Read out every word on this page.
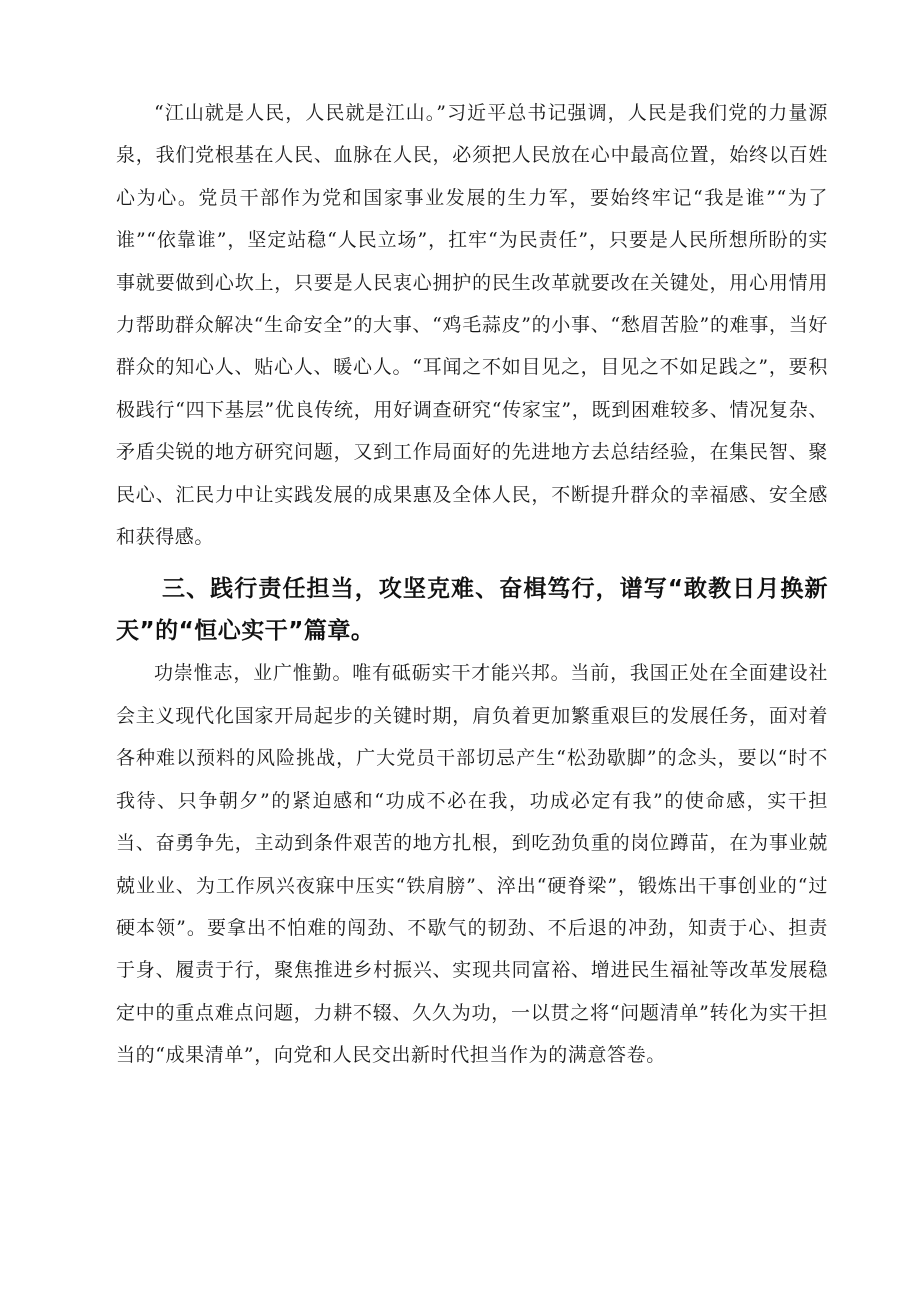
“江山就是人民，人民就是江山。”习近平总书记强调，人民是我们党的力量源泉，我们党根基在人民、血脉在人民，必须把人民放在心中最高位置，始终以百姓心为心。党员干部作为党和国家事业发展的生力军，要始终牢记“我是谁”“为了谁”“依靠谁”，坚定站稳“人民立场”，扛牢“为民责任”，只要是人民所想所盼的实事就要做到心坎上，只要是人民衷心拥护的民生改革就要改在关键处，用心用情用力帮助群众解决“生命安全”的大事、“鸡毛蒜皮”的小事、“愁眉苦脸”的难事，当好群众的知心人、贴心人、暖心人。“耳闻之不如目见之，目见之不如足践之”，要积极践行“四下基层”优良传统，用好调查研究“传家宝”，既到困难较多、情况复杂、矛盾尖锐的地方研究问题，又到工作局面好的先进地方去总结经验，在集民智、聚民心、汇民力中让实践发展的成果惠及全体人民，不断提升群众的幸福感、安全感和获得感。

三、践行责任担当，攻坚克难、奋楫笃行，谱写“敢教日月换新天”的“恒心实干”篇章。

功崇惟志，业广惟勤。唯有砥砺实干才能兴邦。当前，我国正处在全面建设社会主义现代化国家开局起步的关键时期，肩负着更加繁重艰巨的发展任务，面对着各种难以预料的风险挑战，广大党员干部切忌产生“松劲歇脚”的念头，要以“时不我待、只争朝夕”的紧迫感和“功成不必在我，功成必定有我”的使命感，实干担当、奋勇争先，主动到条件艰苦的地方扎根，到吃劲负重的岗位蹲苗，在为事业兢兢业业、为工作夙兴夜寐中压实“铁肩膀”、淬出“硬脊梁”，锻炼出干事创业的“过硬本领”。要拿出不怕难的闯劲、不歇气的韧劲、不后退的冲劲，知责于心、担责于身、履责于行，聚焦推进乡村振兴、实现共同富裕、增进民生福祉等改革发展稳定中的重点难点问题，力耕不辍、久久为功，一以贯之将“问题清单”转化为实干担当的“成果清单”，向党和人民交出新时代担当作为的满意答卷。
